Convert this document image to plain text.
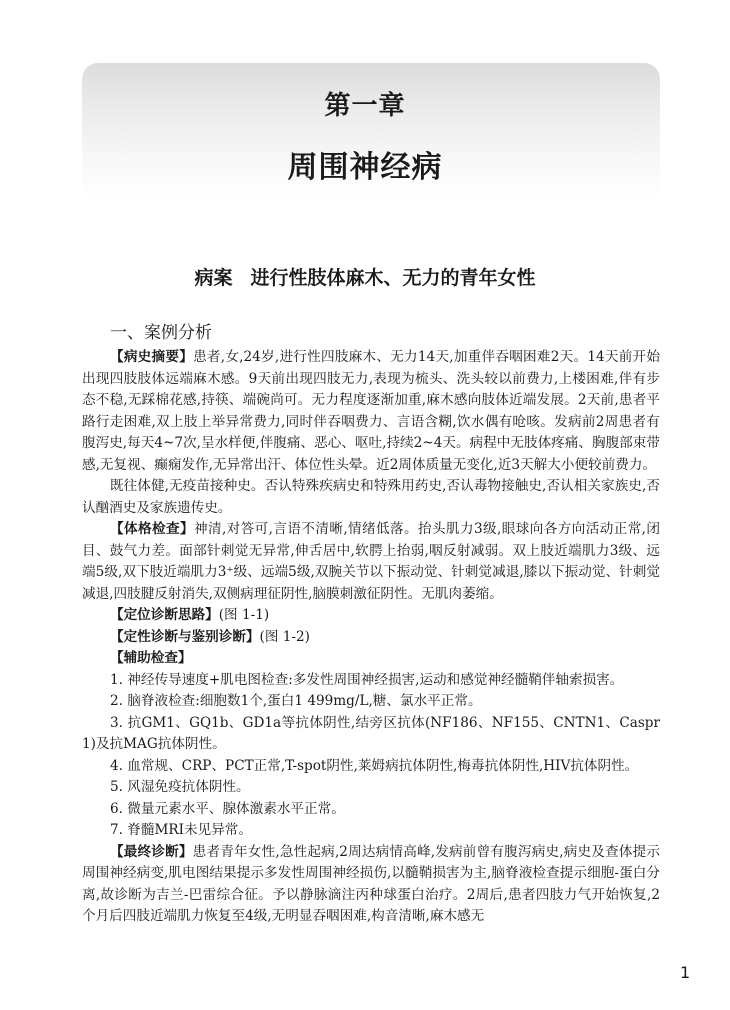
第一章
周围神经病
病案 进行性肢体麻木、无力的青年女性
一、案例分析

【病史摘要】患者,女,24岁,进行性四肢麻木、无力14天,加重伴吞咽困难2天。14天前开始出现四肢肢体远端麻木感。9天前出现四肢无力,表现为梳头、洗头较以前费力,上楼困难,伴有步态不稳,无踩棉花感,持筷、端碗尚可。无力程度逐渐加重,麻木感向肢体近端发展。2天前,患者平路行走困难,双上肢上举异常费力,同时伴吞咽费力、言语含糊,饮水偶有呛咳。发病前2周患者有腹泻史,每天4~7次,呈水样便,伴腹痛、恶心、呕吐,持续2~4天。病程中无肢体疼痛、胸腹部束带感,无复视、癫痫发作,无异常出汗、体位性头晕。近2周体质量无变化,近3天解大小便较前费力。

既往体健,无疫苗接种史。否认特殊疾病史和特殊用药史,否认毒物接触史,否认相关家族史,否认酗酒史及家族遗传史。

【体格检查】神清,对答可,言语不清晰,情绪低落。抬头肌力3级,眼球向各方向活动正常,闭目、鼓气力差。面部针刺觉无异常,伸舌居中,软腭上抬弱,咽反射减弱。双上肢近端肌力3级、远端5级,双下肢近端肌力3⁺级、远端5级,双腕关节以下振动觉、针刺觉减退,膝以下振动觉、针刺觉减退,四肢腱反射消失,双侧病理征阴性,脑膜刺激征阴性。无肌肉萎缩。

【定位诊断思路】(图 1-1)
【定性诊断与鉴别诊断】(图 1-2)
【辅助检查】

1. 神经传导速度+肌电图检查:多发性周围神经损害,运动和感觉神经髓鞘伴轴索损害。

2. 脑脊液检查:细胞数1个,蛋白1 499mg/L,糖、氯水平正常。

3. 抗GM1、GQ1b、GD1a等抗体阴性,结旁区抗体(NF186、NF155、CNTN1、Caspr 1)及抗MAG抗体阴性。

4. 血常规、CRP、PCT正常,T-spot阴性,莱姆病抗体阴性,梅毒抗体阴性,HIV抗体阴性。

5. 风湿免疫抗体阴性。

6. 微量元素水平、腺体激素水平正常。

7. 脊髓MRI未见异常。

【最终诊断】患者青年女性,急性起病,2周达病情高峰,发病前曾有腹泻病史,病史及查体提示周围神经病变,肌电图结果提示多发性周围神经损伤,以髓鞘损害为主,脑脊液检查提示细胞-蛋白分离,故诊断为吉兰-巴雷综合征。予以静脉滴注丙种球蛋白治疗。2周后,患者四肢力气开始恢复,2个月后四肢近端肌力恢复至4级,无明显吞咽困难,构音清晰,麻木感无

1
